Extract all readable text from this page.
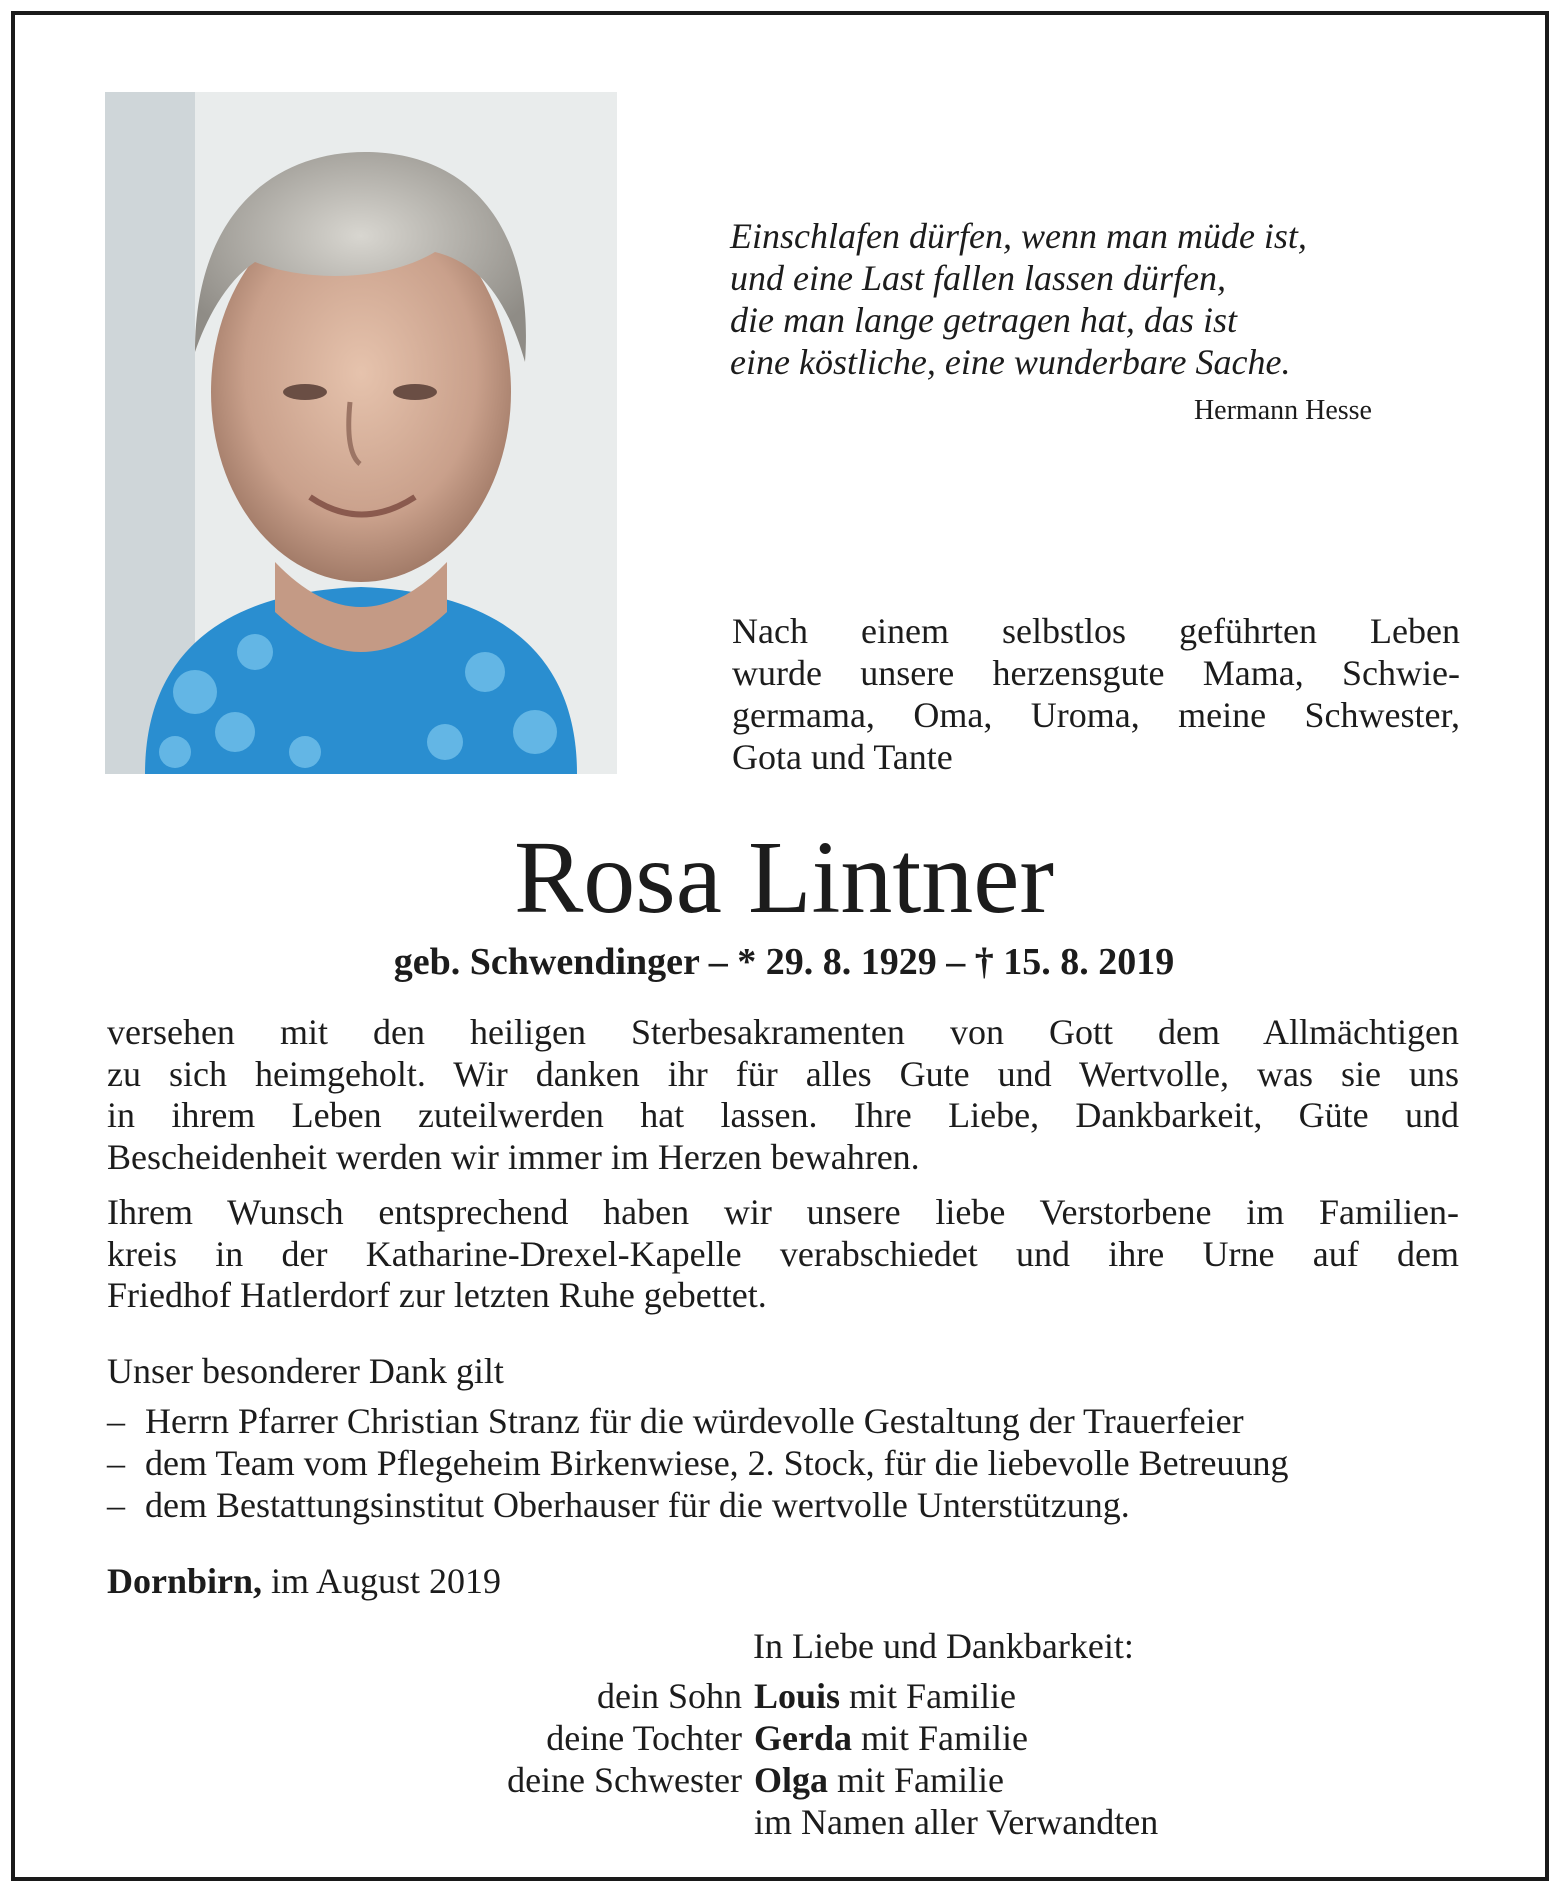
Einschlafen dürfen, wenn man müde ist,
und eine Last fallen lassen dürfen,
die man lange getragen hat, das ist
eine köstliche, eine wunderbare Sache.
Hermann Hesse
Nach einem selbstlos geführten Leben
wurde unsere herzensgute Mama, Schwie-
germama, Oma, Uroma, meine Schwester,
Gota und Tante
Rosa Lintner
geb. Schwendinger – * 29. 8. 1929 – † 15. 8. 2019
versehen mit den heiligen Sterbesakramenten von Gott dem Allmächtigen
zu sich heimgeholt. Wir danken ihr für alles Gute und Wertvolle, was sie uns
in ihrem Leben zuteilwerden hat lassen. Ihre Liebe, Dankbarkeit, Güte und
Bescheidenheit werden wir immer im Herzen bewahren.
Ihrem Wunsch entsprechend haben wir unsere liebe Verstorbene im Familien-
kreis in der Katharine-Drexel-Kapelle verabschiedet und ihre Urne auf dem
Friedhof Hatlerdorf zur letzten Ruhe gebettet.
Unser besonderer Dank gilt
– Herrn Pfarrer Christian Stranz für die würdevolle Gestaltung der Trauerfeier
– dem Team vom Pflegeheim Birkenwiese, 2. Stock, für die liebevolle Betreuung
– dem Bestattungsinstitut Oberhauser für die wertvolle Unterstützung.
Dornbirn, im August 2019
In Liebe und Dankbarkeit:
dein Sohn Louis mit Familie
deine Tochter Gerda mit Familie
deine Schwester Olga mit Familie
im Namen aller Verwandten
